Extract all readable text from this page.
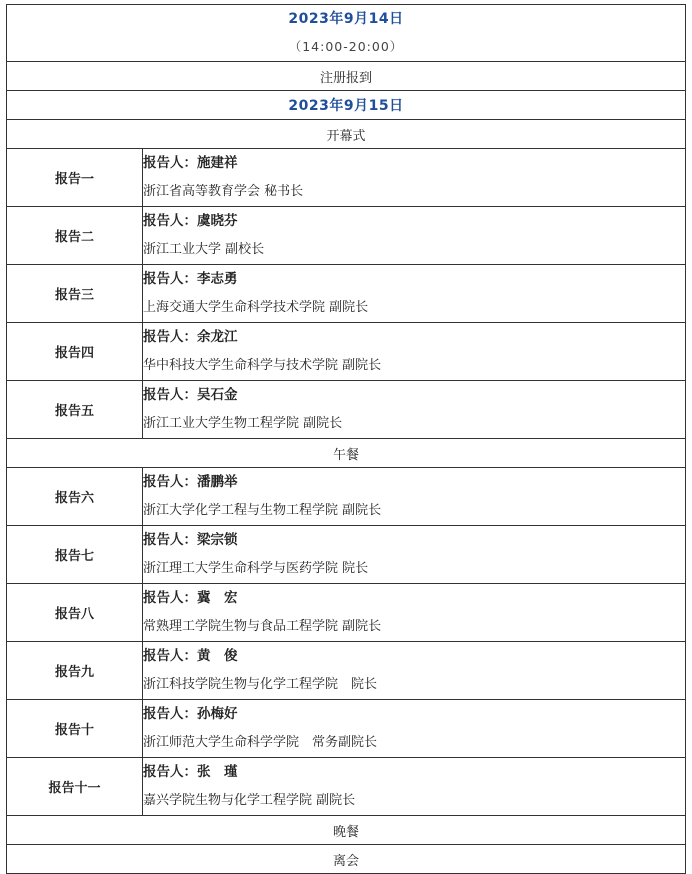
2023年9月14日
（14:00-20:00）	

注册报到	
2023年9月15日	
开幕式	
报告一	报告人：施建祥
浙江省高等教育学会 秘书长

报告二	报告人：虞晓芬
浙江工业大学 副校长

报告三	报告人：李志勇
上海交通大学生命科学技术学院 副院长

报告四	报告人：余龙江
华中科技大学生命科学与技术学院 副院长

报告五	报告人：吴石金
浙江工业大学生物工程学院 副院长

午餐	
报告六	报告人：潘鹏举
浙江大学化学工程与生物工程学院 副院长

报告七	报告人：梁宗锁
浙江理工大学生命科学与医药学院 院长

报告八	报告人：冀　宏
常熟理工学院生物与食品工程学院 副院长

报告九	报告人：黄　俊
浙江科技学院生物与化学工程学院　院长

报告十	报告人：孙梅好
浙江师范大学生命科学学院　常务副院长

报告十一	报告人：张　瑾
嘉兴学院生物与化学工程学院 副院长

晚餐	
离会	
